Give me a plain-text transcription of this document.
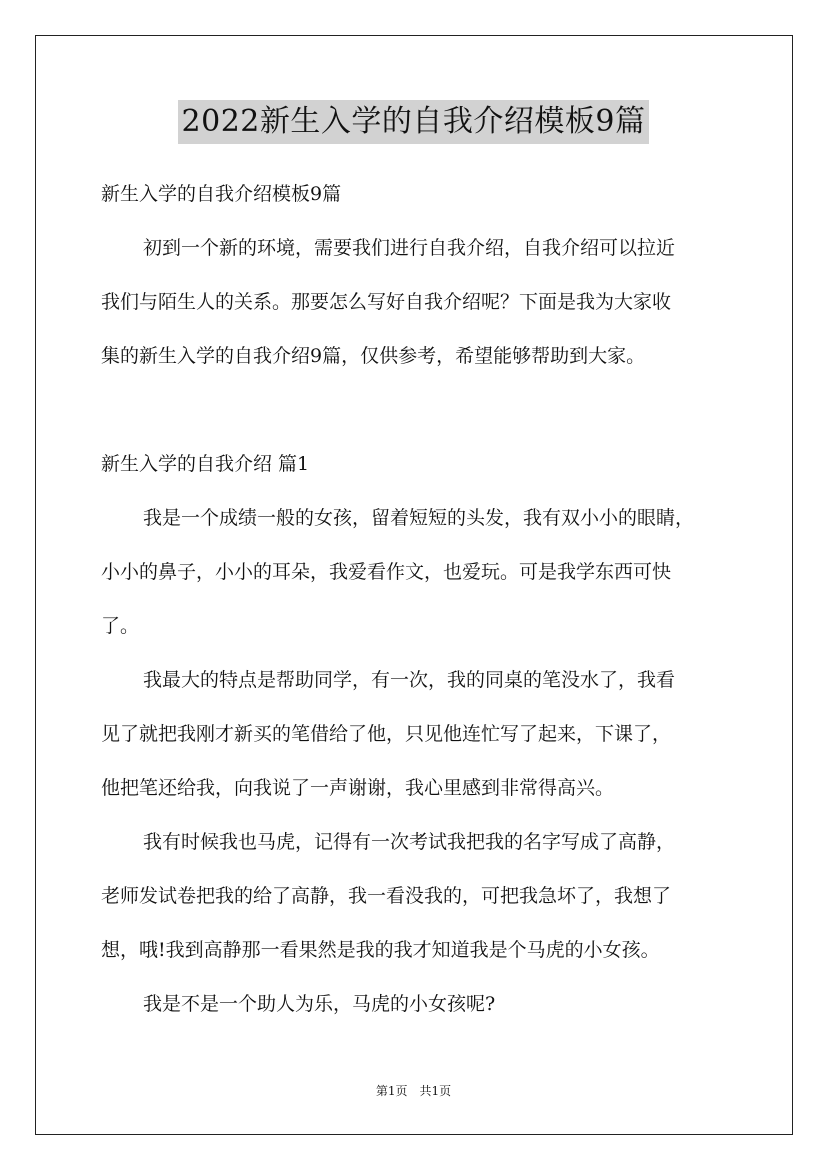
2022新生入学的自我介绍模板9篇
新生入学的自我介绍模板9篇
初到一个新的环境，需要我们进行自我介绍，自我介绍可以拉近
我们与陌生人的关系。那要怎么写好自我介绍呢？下面是我为大家收
集的新生入学的自我介绍9篇，仅供参考，希望能够帮助到大家。
新生入学的自我介绍 篇1
我是一个成绩一般的女孩，留着短短的头发，我有双小小的眼睛，
小小的鼻子，小小的耳朵，我爱看作文，也爱玩。可是我学东西可快
了。
我最大的特点是帮助同学，有一次，我的同桌的笔没水了，我看
见了就把我刚才新买的笔借给了他，只见他连忙写了起来，下课了，
他把笔还给我，向我说了一声谢谢，我心里感到非常得高兴。
我有时候我也马虎，记得有一次考试我把我的名字写成了高静，
老师发试卷把我的给了高静，我一看没我的，可把我急坏了，我想了
想，哦!我到高静那一看果然是我的我才知道我是个马虎的小女孩。
我是不是一个助人为乐，马虎的小女孩呢?
第1页　共1页
